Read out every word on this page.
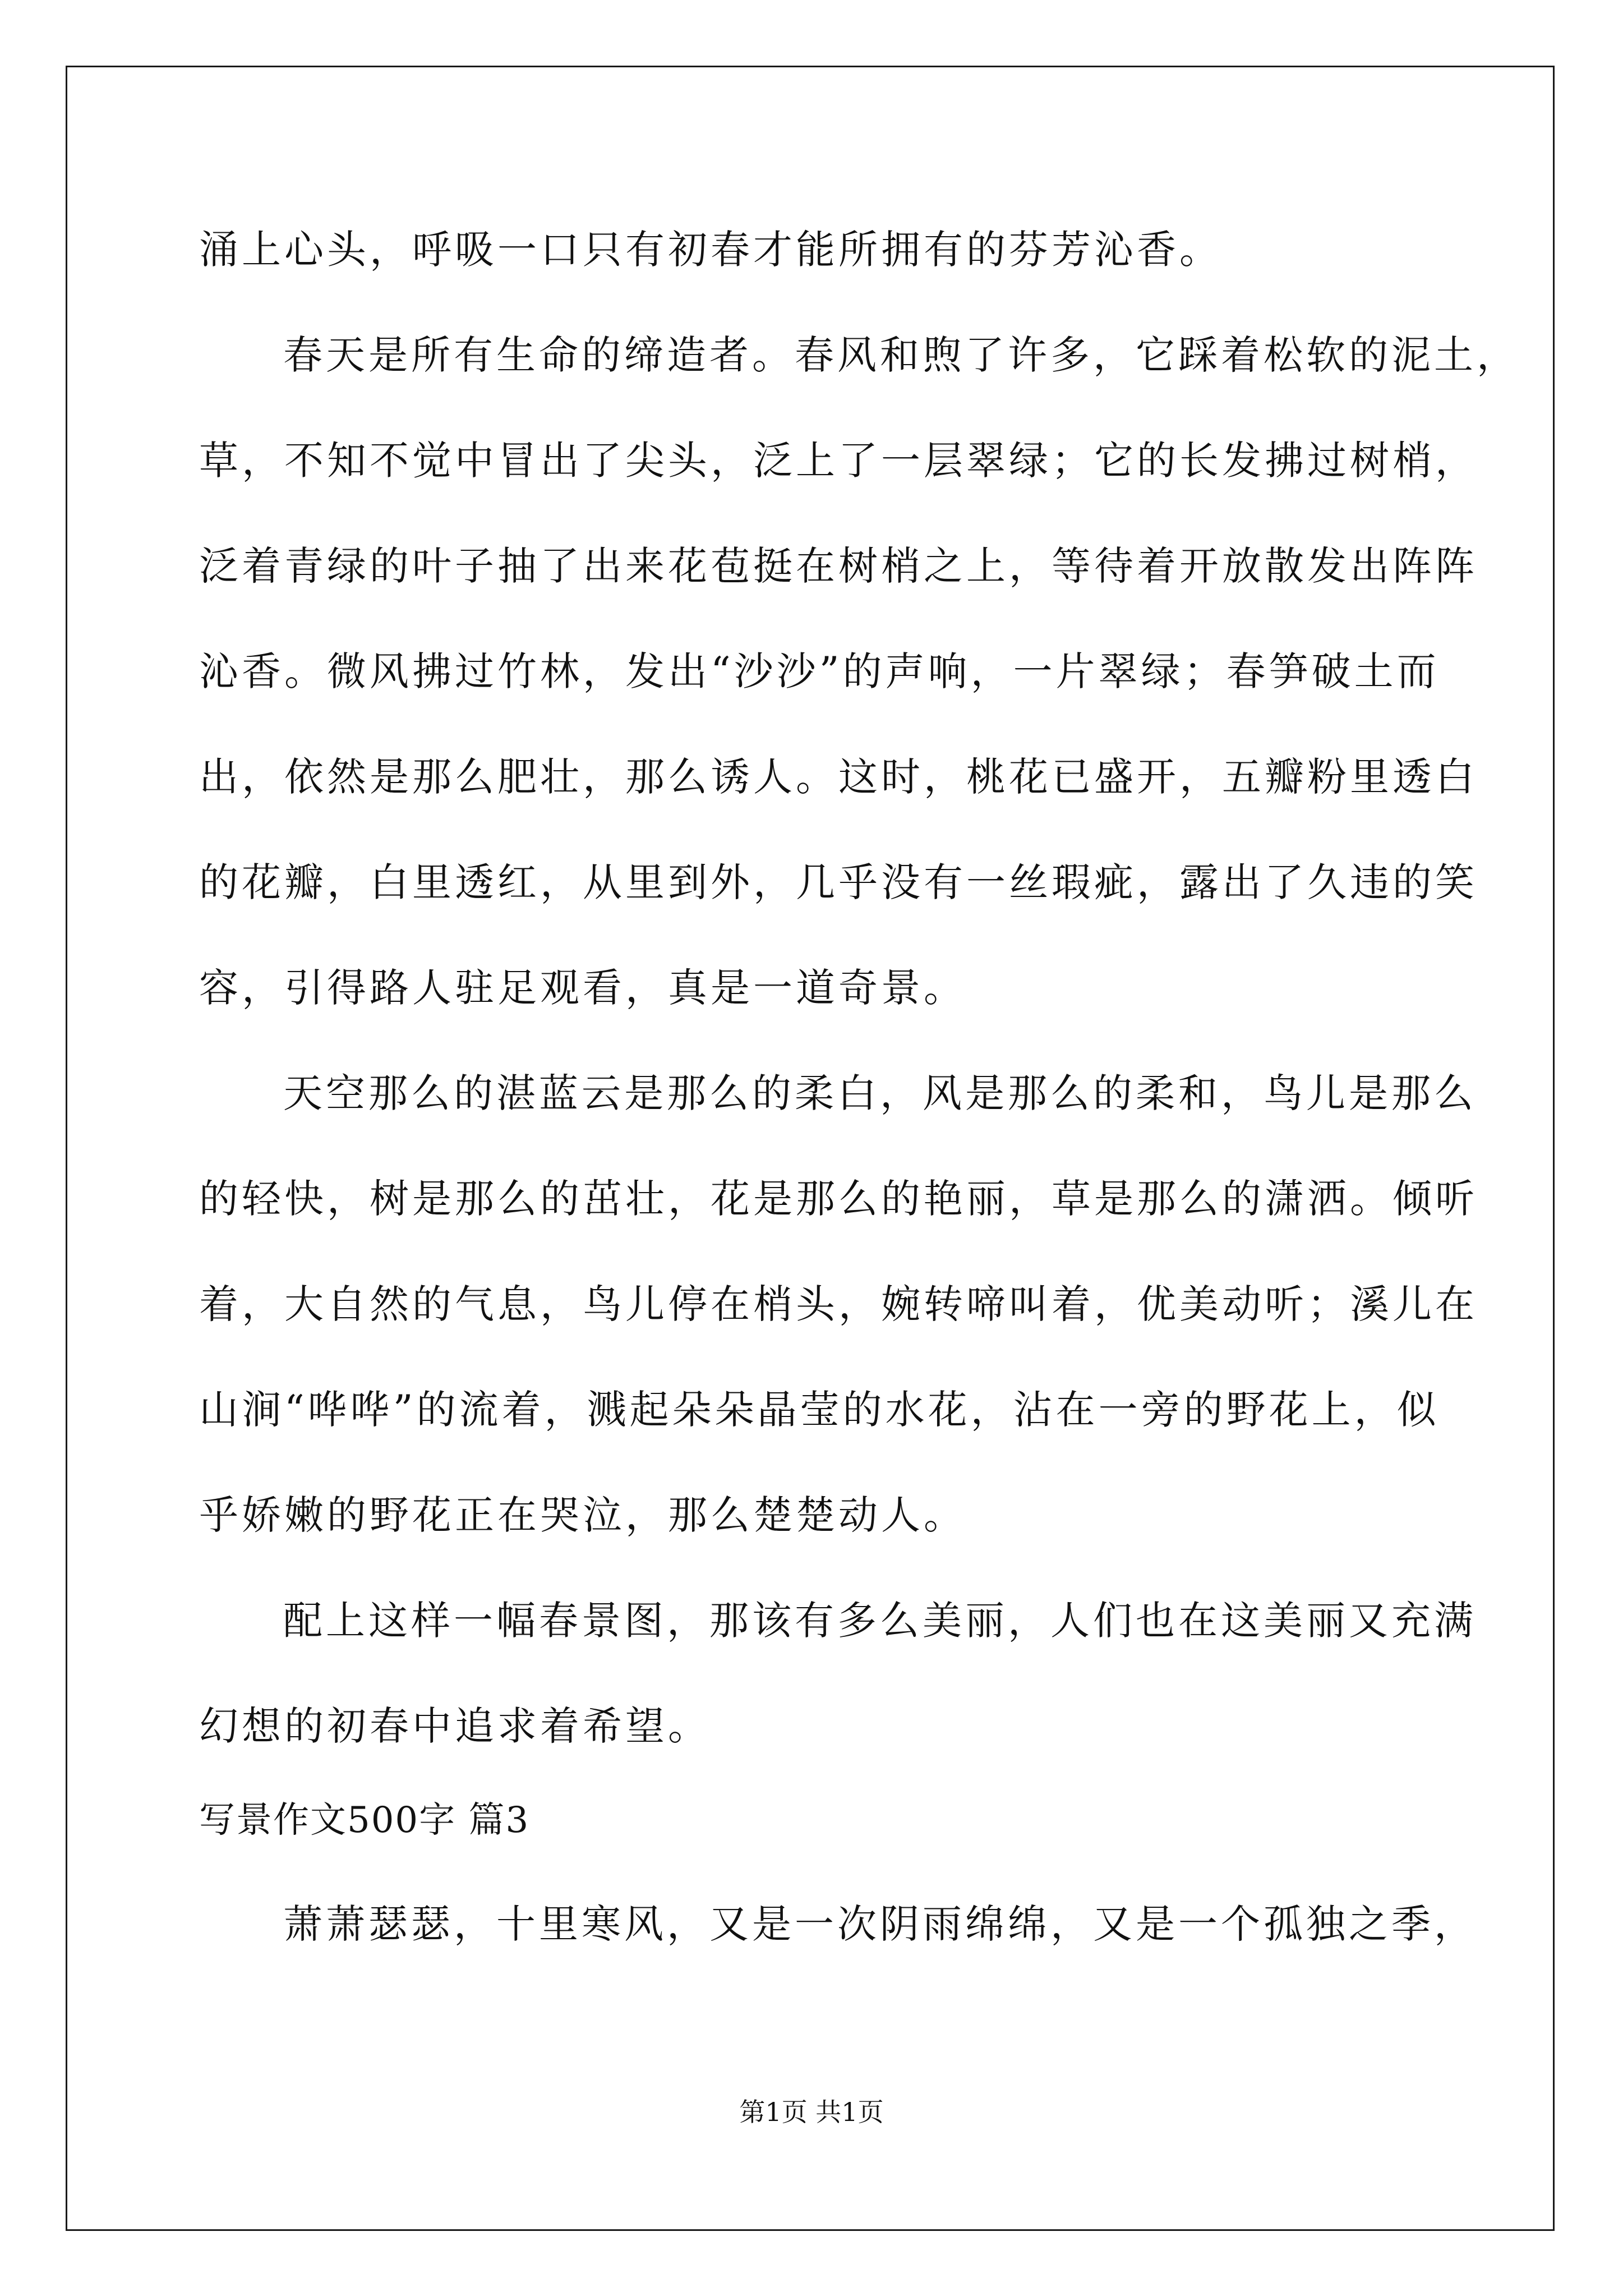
涌上心头，呼吸一口只有初春才能所拥有的芬芳沁香。
春天是所有生命的缔造者。春风和煦了许多，它踩着松软的泥土，
草，不知不觉中冒出了尖头，泛上了一层翠绿；它的长发拂过树梢，
泛着青绿的叶子抽了出来花苞挺在树梢之上，等待着开放散发出阵阵
沁香。微风拂过竹林，发出“沙沙”的声响，一片翠绿；春笋破土而
出，依然是那么肥壮，那么诱人。这时，桃花已盛开，五瓣粉里透白
的花瓣，白里透红，从里到外，几乎没有一丝瑕疵，露出了久违的笑
容，引得路人驻足观看，真是一道奇景。
天空那么的湛蓝云是那么的柔白，风是那么的柔和，鸟儿是那么
的轻快，树是那么的茁壮，花是那么的艳丽，草是那么的潇洒。倾听
着，大自然的气息，鸟儿停在梢头，婉转啼叫着，优美动听；溪儿在
山涧“哗哗”的流着，溅起朵朵晶莹的水花，沾在一旁的野花上，似
乎娇嫩的野花正在哭泣，那么楚楚动人。
配上这样一幅春景图，那该有多么美丽，人们也在这美丽又充满
幻想的初春中追求着希望。
写景作文500字 篇3
萧萧瑟瑟，十里寒风，又是一次阴雨绵绵，又是一个孤独之季，
第1页 共1页
